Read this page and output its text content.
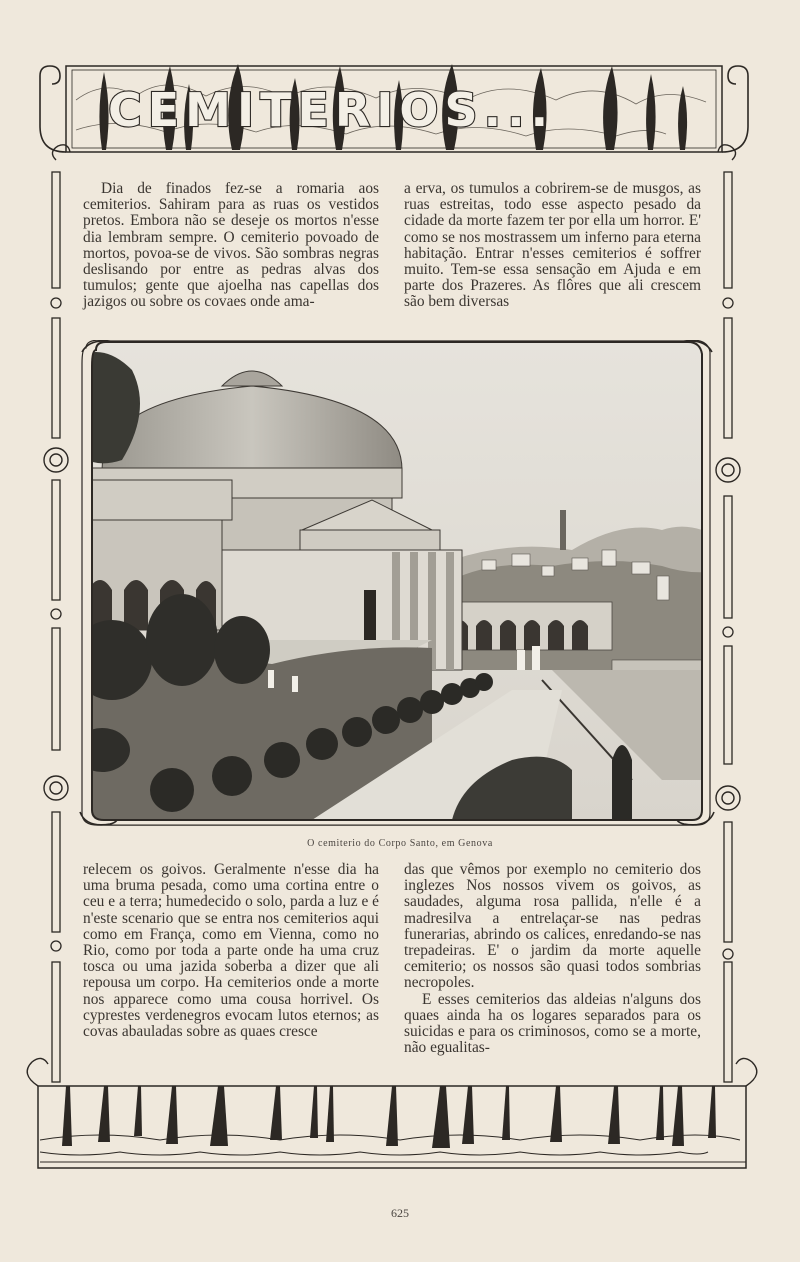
CEMITERIOS...

Dia de finados fez-se a romaria aos cemiterios. Sahiram para as ruas os vestidos pretos. Embora não se deseje os mortos n'esse dia lembram sempre. O cemiterio povoado de mortos, povoa-se de vivos. São sombras negras deslisando por entre as pedras alvas dos tumulos; gente que ajoelha nas capellas dos jazigos ou sobre os covaes onde ama-

a erva, os tumulos a cobrirem-se de musgos, as ruas estreitas, todo esse aspecto pesado da cidade da morte fazem ter por ella um horror. E' como se nos mostrassem um inferno para eterna habitação. Entrar n'esses cemiterios é soffrer muito. Tem-se essa sensação em Ajuda e em parte dos Prazeres. As flôres que ali crescem são bem diversas

O cemiterio do Corpo Santo, em Genova

relecem os goivos. Geralmente n'esse dia ha uma bruma pesada, como uma cortina entre o ceu e a terra; humedecido o solo, parda a luz e é n'este scenario que se entra nos cemiterios aqui como em França, como em Vienna, como no Rio, como por toda a parte onde ha uma cruz tosca ou uma jazida soberba a dizer que ali repousa um corpo. Ha cemiterios onde a morte nos apparece como uma cousa horrivel. Os cyprestes verdenegros evocam lutos eternos; as covas abauladas sobre as quaes cresce

das que vêmos por exemplo no cemiterio dos inglezes Nos nossos vivem os goivos, as saudades, alguma rosa pallida, n'elle é a madresilva a entrelaçar-se nas pedras funerarias, abrindo os calices, enredando-se nas trepadeiras. E' o jardim da morte aquelle cemiterio; os nossos são quasi todos sombrias necropoles.

E esses cemiterios das aldeias n'alguns dos quaes ainda ha os logares separados para os suicidas e para os criminosos, como se a morte, não egualitas-

625
